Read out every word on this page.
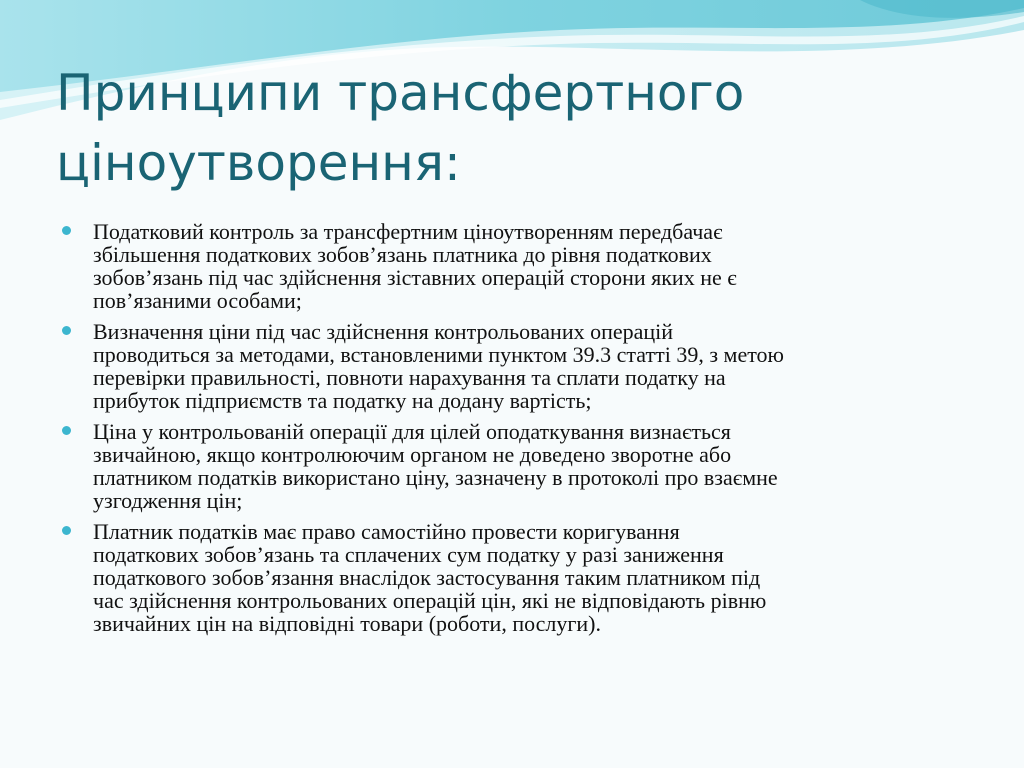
Принципи трансфертного
ціноутворення:
Податковий контроль за трансфертним ціноутворенням передбачає
збільшення податкових зобов’язань платника до рівня податкових
зобов’язань під час здійснення зіставних операцій сторони яких не є
пов’язаними особами;
Визначення ціни під час здійснення контрольованих операцій
проводиться за методами, встановленими пунктом 39.3 статті 39, з метою
перевірки правильності, повноти нарахування та сплати податку на
прибуток підприємств та податку на додану вартість;
Ціна у контрольованій операції для цілей оподаткування визнається
звичайною, якщо контролюючим органом не доведено зворотне або
платником податків використано ціну, зазначену в протоколі про взаємне
узгодження цін;
Платник податків має право самостійно провести коригування
податкових зобов’язань та сплачених сум податку у разі заниження
податкового зобов’язання внаслідок застосування таким платником під
час здійснення контрольованих операцій цін, які не відповідають рівню
звичайних цін на відповідні товари (роботи, послуги).
